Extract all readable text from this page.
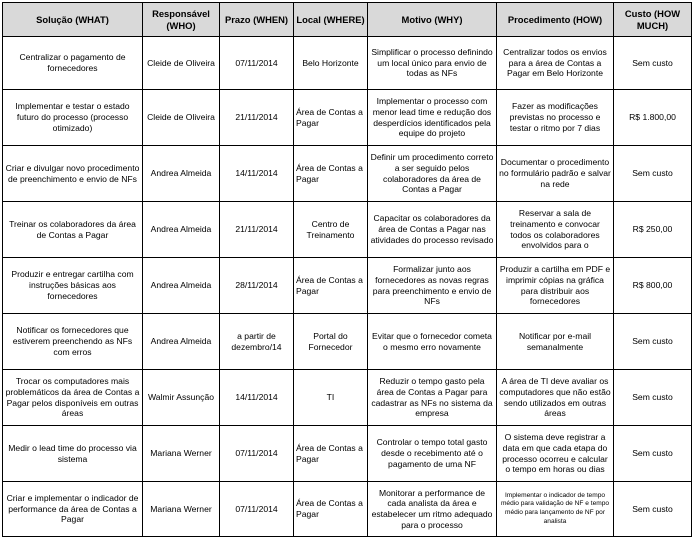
Solução (WHAT)	Responsável (WHO)	Prazo (WHEN)	Local (WHERE)	Motivo (WHY)	Procedimento (HOW)	Custo (HOW MUCH)
Centralizar o pagamento de fornecedores	Cleide de Oliveira	07/11/2014	Belo Horizonte	Simplificar o processo definindo um local único para envio de todas as NFs	Centralizar todos os envios para a área de Contas a Pagar em Belo Horizonte	Sem custo
Implementar e testar o estado futuro do processo (processo otimizado)	Cleide de Oliveira	21/11/2014	Área de Contas a Pagar	Implementar o processo com menor lead time e redução dos desperdícios identificados pela equipe do projeto	Fazer as modificações previstas no processo e testar o ritmo por 7 dias	R$ 1.800,00
Criar e divulgar novo procedimento de preenchimento e envio de NFs	Andrea Almeida	14/11/2014	Área de Contas a Pagar	Definir um procedimento correto a ser seguido pelos colaboradores da área de Contas a Pagar	Documentar o procedimento no formulário padrão e salvar na rede	Sem custo
Treinar os colaboradores da área de Contas a Pagar	Andrea Almeida	21/11/2014	Centro de Treinamento	Capacitar os colaboradores da área de Contas a Pagar nas atividades do processo revisado	Reservar a sala de treinamento e convocar todos os colaboradores envolvidos para o	R$ 250,00
Produzir e entregar cartilha com instruções básicas aos fornecedores	Andrea Almeida	28/11/2014	Área de Contas a Pagar	Formalizar junto aos fornecedores as novas regras para preenchimento e envio de NFs	Produzir a cartilha em PDF e imprimir cópias na gráfica para distribuir aos fornecedores	R$ 800,00
Notificar os fornecedores que estiverem preenchendo as NFs com erros	Andrea Almeida	a partir de dezembro/14	Portal do Fornecedor	Evitar que o fornecedor cometa o mesmo erro novamente	Notificar por e-mail semanalmente	Sem custo
Trocar os computadores mais problemáticos da área de Contas a Pagar pelos disponíveis em outras áreas	Walmir Assunção	14/11/2014	TI	Reduzir o tempo gasto pela área de Contas a Pagar para cadastrar as NFs no sistema da empresa	A área de TI deve avaliar os computadores que não estão sendo utilizados em outras áreas	Sem custo
Medir o lead time do processo via sistema	Mariana Werner	07/11/2014	Área de Contas a Pagar	Controlar o tempo total gasto desde o recebimento até o pagamento de uma NF	O sistema deve registrar a data em que cada etapa do processo ocorreu e calcular o tempo em horas ou dias	Sem custo
Criar e implementar o indicador de performance da área de Contas a Pagar	Mariana Werner	07/11/2014	Área de Contas a Pagar	Monitorar a performance de cada analista da área e estabelecer um ritmo adequado para o processo	Implementar o indicador de tempo médio para validação de NF e tempo médio para lançamento de NF por analista	Sem custo
